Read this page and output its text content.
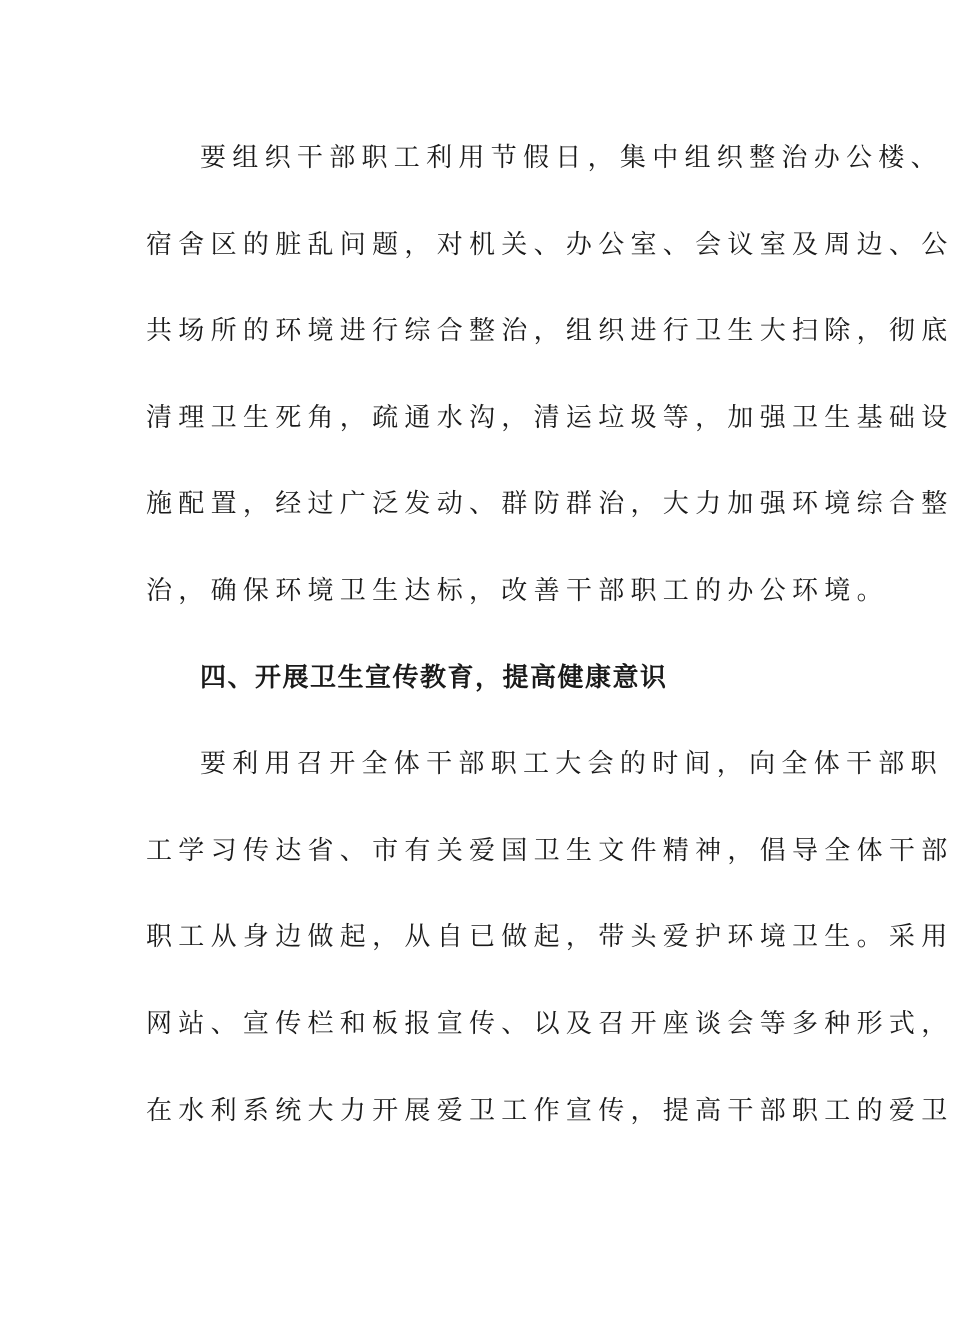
要组织干部职工利用节假日，集中组织整治办公楼、
宿舍区的脏乱问题，对机关、办公室、会议室及周边、公
共场所的环境进行综合整治，组织进行卫生大扫除，彻底
清理卫生死角，疏通水沟，清运垃圾等，加强卫生基础设
施配置，经过广泛发动、群防群治，大力加强环境综合整
治，确保环境卫生达标，改善干部职工的办公环境。
四、开展卫生宣传教育，提高健康意识
要利用召开全体干部职工大会的时间，向全体干部职
工学习传达省、市有关爱国卫生文件精神，倡导全体干部
职工从身边做起，从自已做起，带头爱护环境卫生。采用
网站、宣传栏和板报宣传、以及召开座谈会等多种形式，
在水利系统大力开展爱卫工作宣传，提高干部职工的爱卫
